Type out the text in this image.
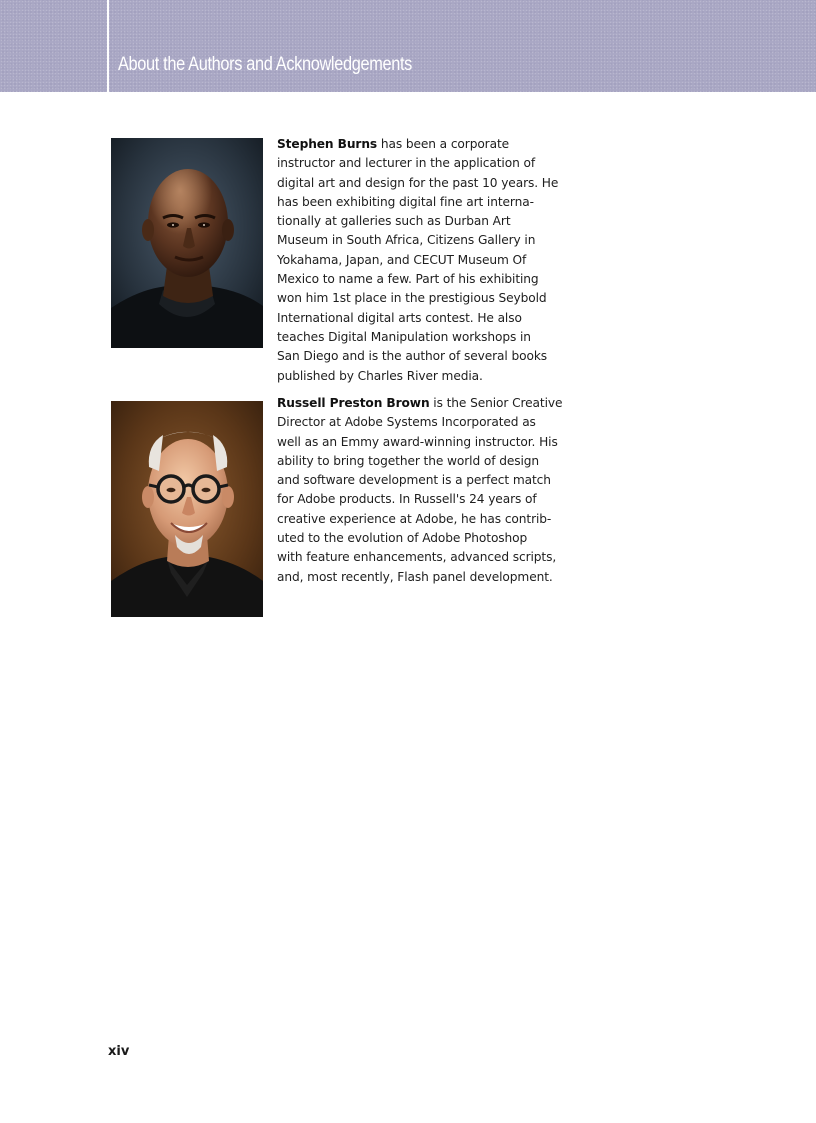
About the Authors and Acknowledgements
Stephen Burns has been a corporate
instructor and lecturer in the application of
digital art and design for the past 10 years. He
has been exhibiting digital fine art interna-
tionally at galleries such as Durban Art
Museum in South Africa, Citizens Gallery in
Yokahama, Japan, and CECUT Museum Of
Mexico to name a few. Part of his exhibiting
won him 1st place in the prestigious Seybold
International digital arts contest. He also
teaches Digital Manipulation workshops in
San Diego and is the author of several books
published by Charles River media.
Russell Preston Brown is the Senior Creative
Director at Adobe Systems Incorporated as
well as an Emmy award-winning instructor. His
ability to bring together the world of design
and software development is a perfect match
for Adobe products. In Russell's 24 years of
creative experience at Adobe, he has contrib-
uted to the evolution of Adobe Photoshop
with feature enhancements, advanced scripts,
and, most recently, Flash panel development.
xiv
